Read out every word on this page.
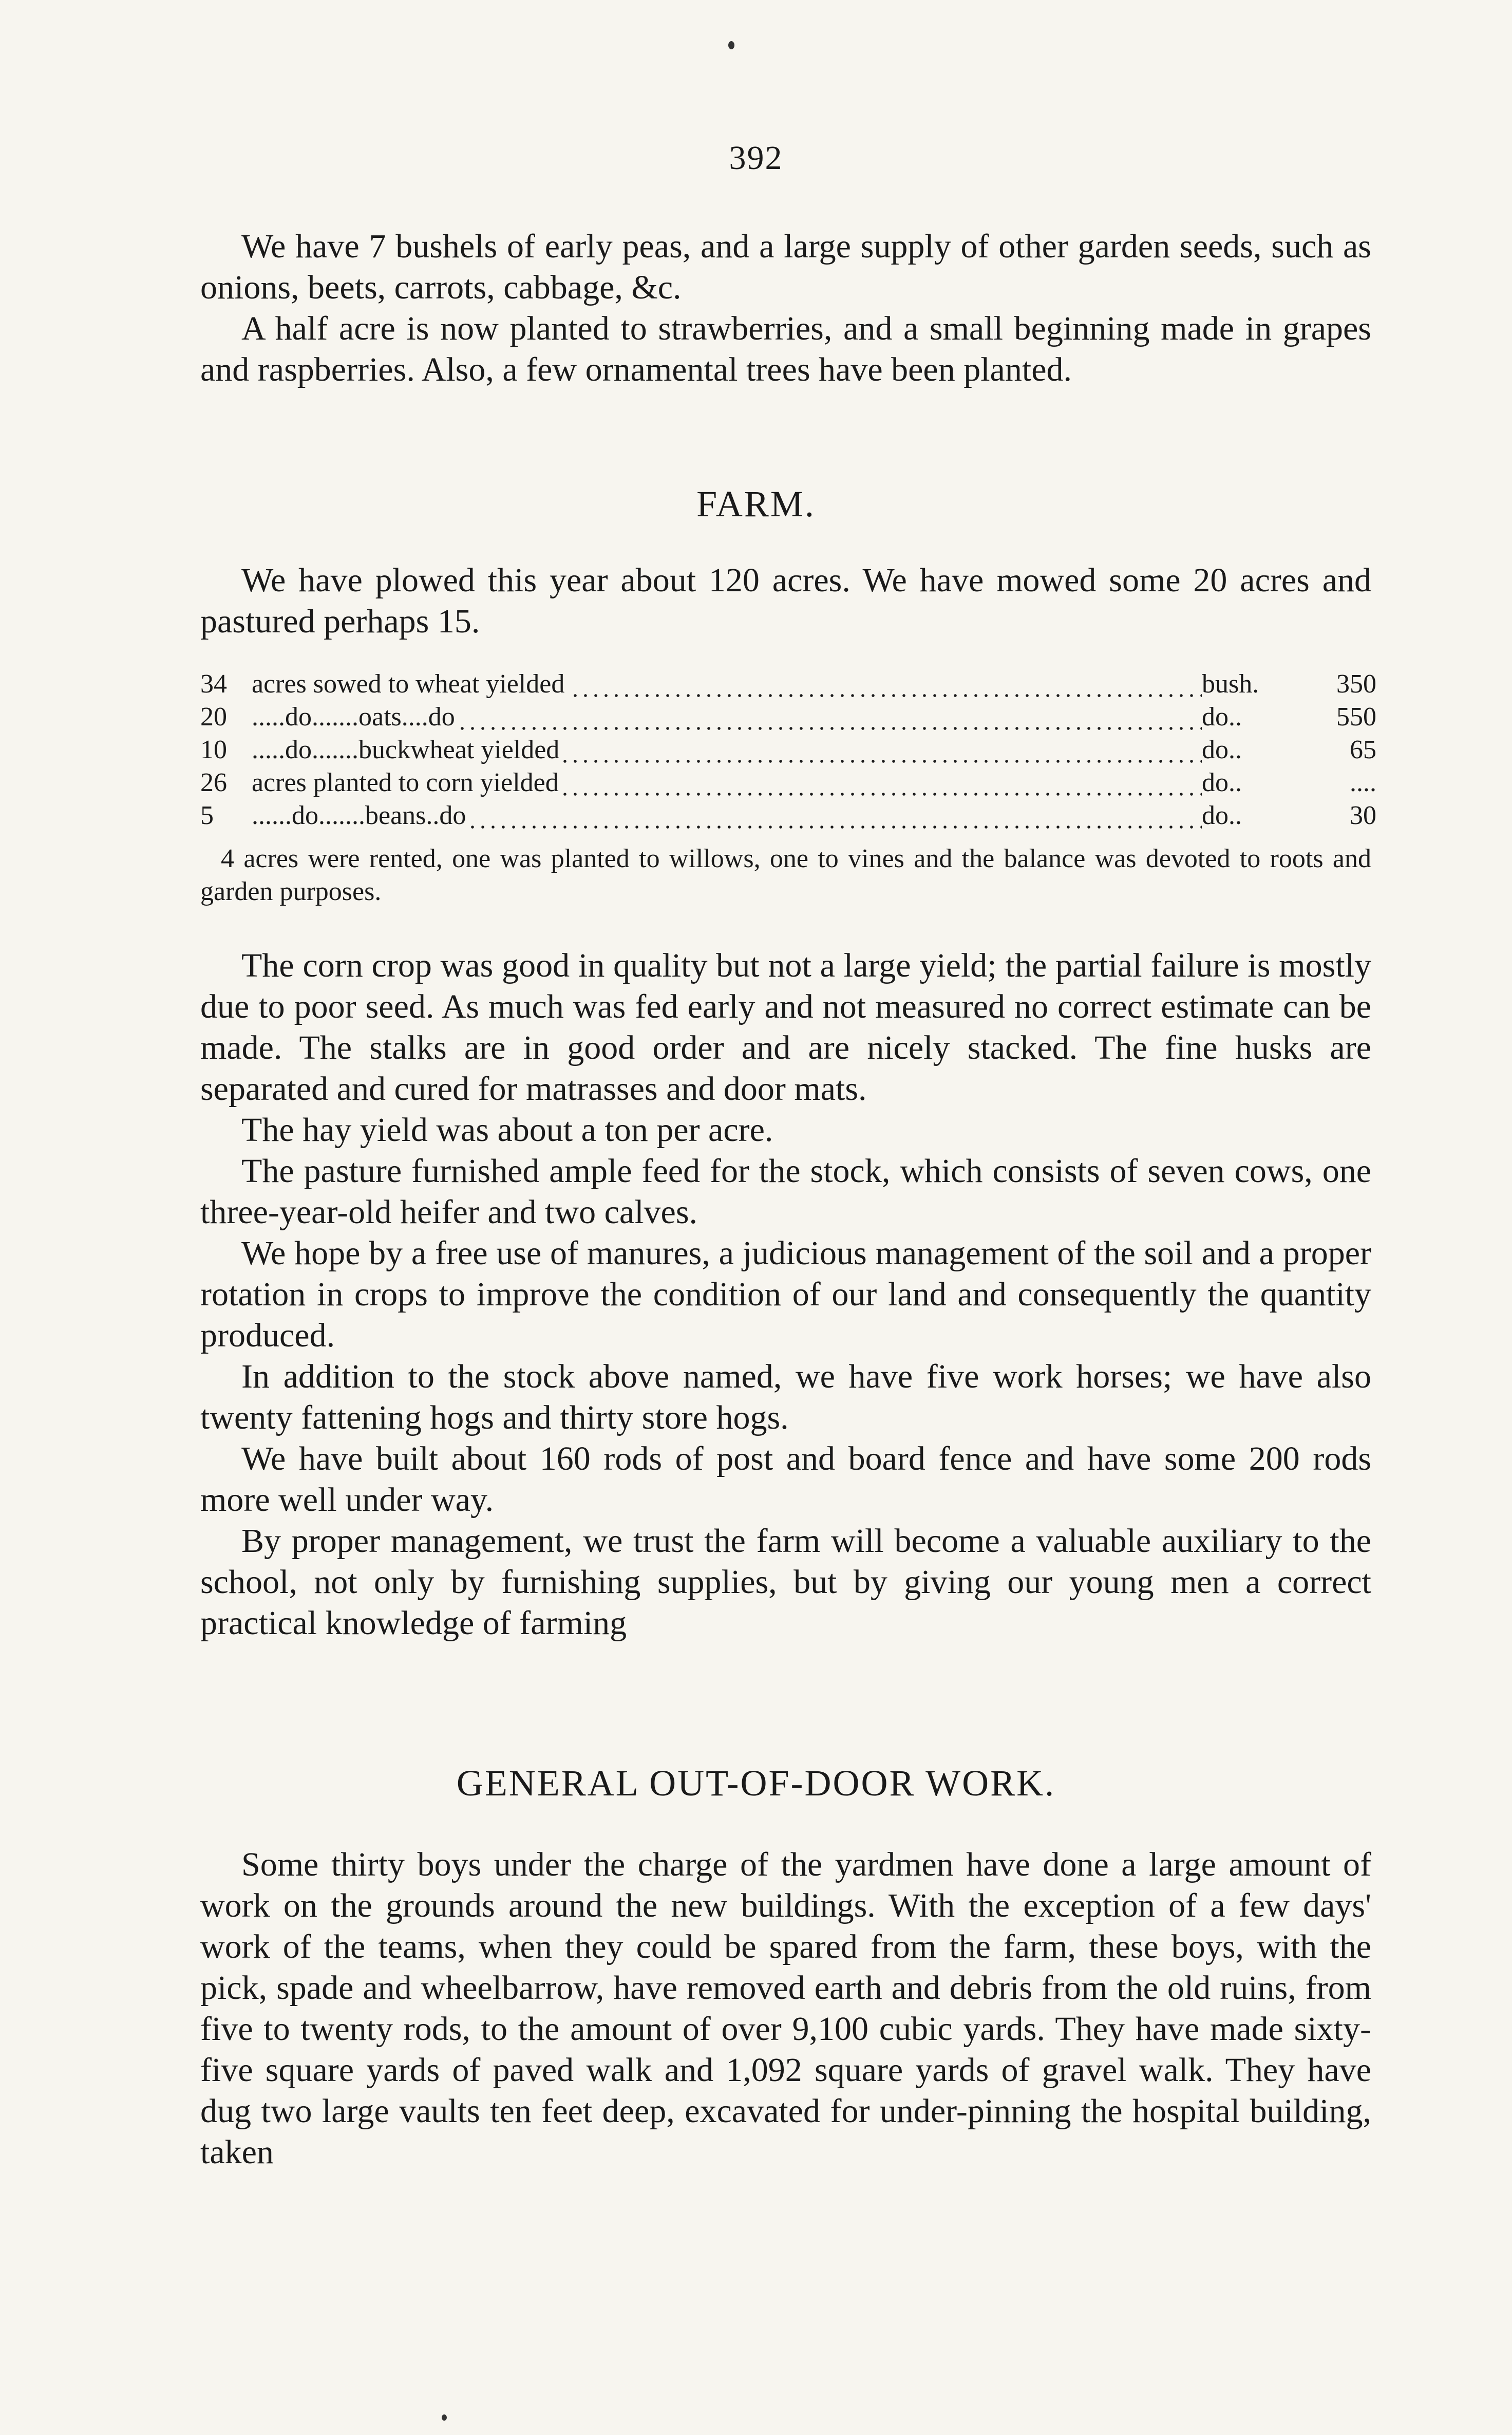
392

We have 7 bushels of early peas, and a large supply of other garden seeds, such as onions, beets, carrots, cabbage, &c.

A half acre is now planted to strawberries, and a small beginning made in grapes and raspberries. Also, a few ornamental trees have been planted.

FARM.

We have plowed this year about 120 acres. We have mowed some 20 acres and pastured perhaps 15.

34	acres sowed to wheat yielded	bush.	350
20	.....do.......oats....do	do..	550
10	.....do.......buckwheat yielded	do..	65
26	acres planted to corn yielded	do..	....
5	......do.......beans..do	do..	30
4 acres were rented, one was planted to willows, one to vines and the balance was devoted to roots and garden purposes.

The corn crop was good in quality but not a large yield; the partial failure is mostly due to poor seed. As much was fed early and not measured no correct estimate can be made. The stalks are in good order and are nicely stacked. The fine husks are separated and cured for matrasses and door mats.

The hay yield was about a ton per acre.

The pasture furnished ample feed for the stock, which consists of seven cows, one three-year-old heifer and two calves.

We hope by a free use of manures, a judicious management of the soil and a proper rotation in crops to improve the condition of our land and consequently the quantity produced.

In addition to the stock above named, we have five work horses; we have also twenty fattening hogs and thirty store hogs.

We have built about 160 rods of post and board fence and have some 200 rods more well under way.

By proper management, we trust the farm will become a valuable auxiliary to the school, not only by furnishing supplies, but by giving our young men a correct practical knowledge of farming

GENERAL OUT-OF-DOOR WORK.

Some thirty boys under the charge of the yardmen have done a large amount of work on the grounds around the new buildings. With the exception of a few days' work of the teams, when they could be spared from the farm, these boys, with the pick, spade and wheelbarrow, have removed earth and debris from the old ruins, from five to twenty rods, to the amount of over 9,100 cubic yards. They have made sixty-five square yards of paved walk and 1,092 square yards of gravel walk. They have dug two large vaults ten feet deep, excavated for under-pinning the hospital building, taken
